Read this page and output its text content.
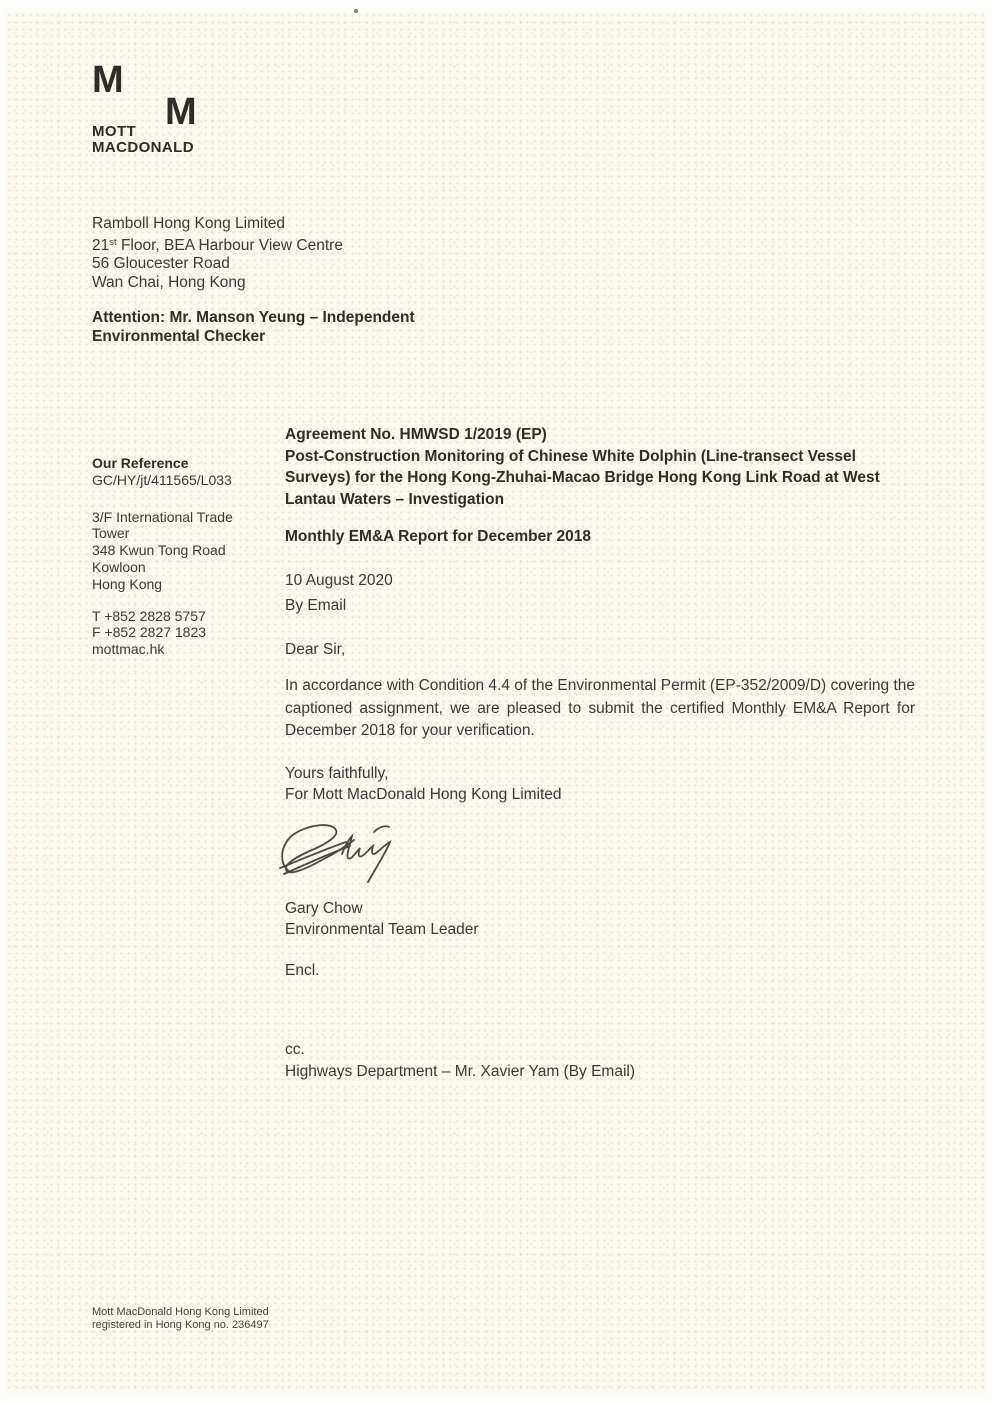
M
M
MOTT
MACDONALD
Ramboll Hong Kong Limited
21st Floor, BEA Harbour View Centre
56 Gloucester Road
Wan Chai, Hong Kong
Attention: Mr. Manson Yeung – Independent Environmental Checker
Our Reference
GC/HY/jt/411565/L033
3/F International Trade
Tower
348 Kwun Tong Road
Kowloon
Hong Kong
T +852 2828 5757
F +852 2827 1823
mottmac.hk
Agreement No. HMWSD 1/2019 (EP)
Post-Construction Monitoring of Chinese White Dolphin (Line-transect Vessel Surveys) for the Hong Kong-Zhuhai-Macao Bridge Hong Kong Link Road at West Lantau Waters – Investigation
Monthly EM&A Report for December 2018
10 August 2020
By Email
Dear Sir,
In accordance with Condition 4.4 of the Environmental Permit (EP-352/2009/D) covering the captioned assignment, we are pleased to submit the certified Monthly EM&A Report for December 2018 for your verification.
Yours faithfully,
For Mott MacDonald Hong Kong Limited
Gary Chow
Environmental Team Leader
Encl.
cc.
Highways Department – Mr. Xavier Yam (By Email)
Mott MacDonald Hong Kong Limited
registered in Hong Kong no. 236497
